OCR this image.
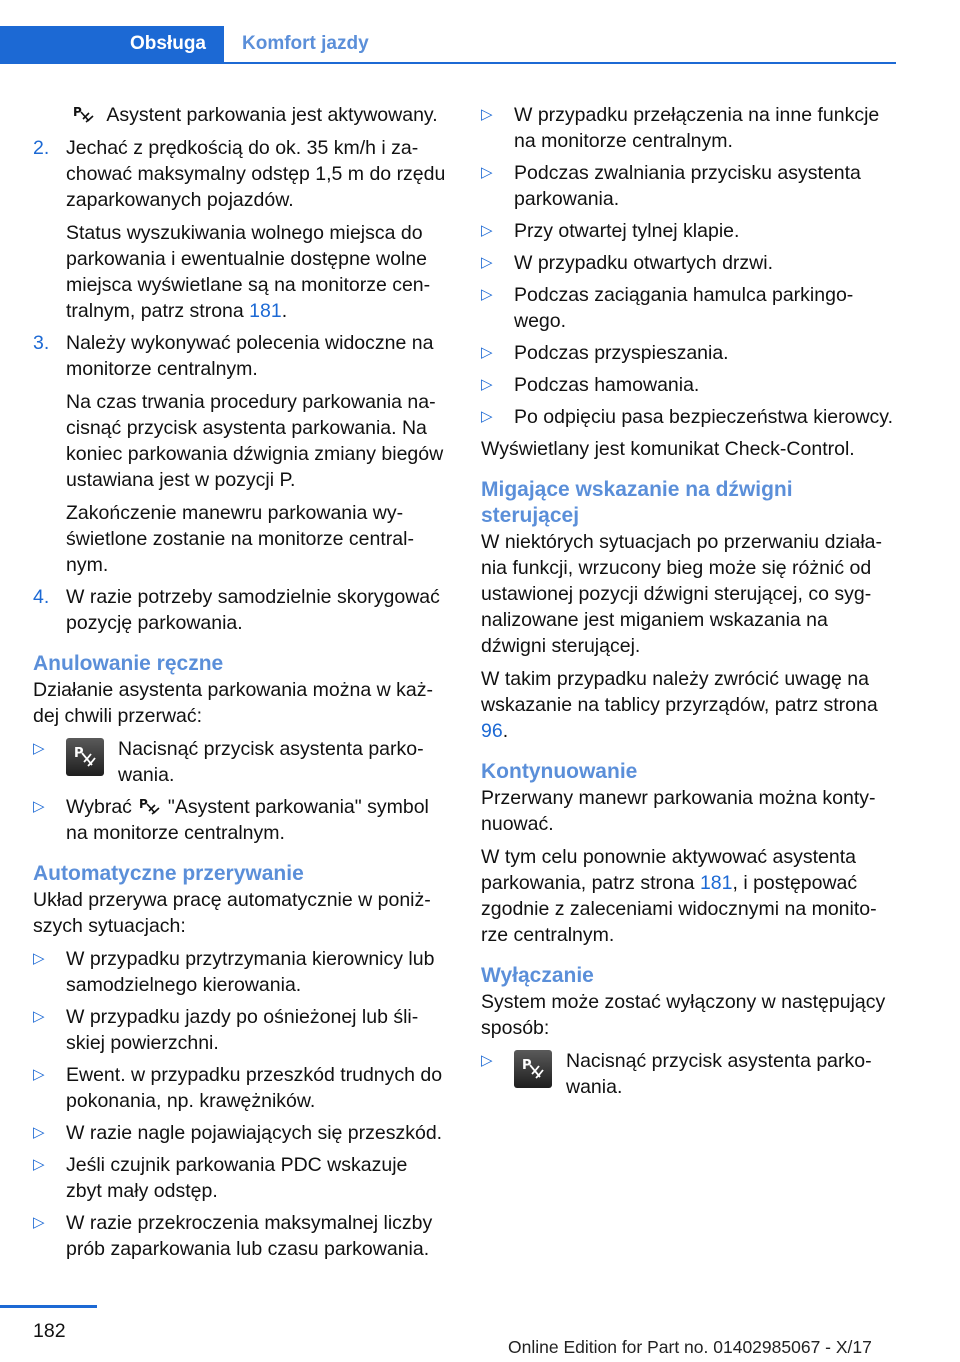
Obsługa	Komfort jazdy

P Asystent parkowania jest aktywowany.

2. Jechać z prędkością do ok. 35 km/h i zachować maksymalny odstęp 1,5 m do rzędu zaparkowanych pojazdów.
Status wyszukiwania wolnego miejsca do parkowania i ewentualnie dostępne wolne miejsca wyświetlane są na monitorze centralnym, patrz strona 181.
3. Należy wykonywać polecenia widoczne na monitorze centralnym.
Na czas trwania procedury parkowania nacisnąć przycisk asystenta parkowania. Na koniec parkowania dźwignia zmiany biegów ustawiana jest w pozycji P.
Zakończenie manewru parkowania wyświetlone zostanie na monitorze centralnym.
4. W razie potrzeby samodzielnie skorygować pozycję parkowania.
Anulowanie ręczne

Działanie asystenta parkowania można w każdej chwili przerwać:

▷ P Nacisnąć przycisk asystenta parkowania.
▷ Wybrać P "Asystent parkowania" symbol na monitorze centralnym.
Automatyczne przerywanie

Układ przerywa pracę automatycznie w poniższych sytuacjach:

▷ W przypadku przytrzymania kierownicy lub samodzielnego kierowania.
▷ W przypadku jazdy po ośnieżonej lub śliskiej powierzchni.
▷ Ewent. w przypadku przeszkód trudnych do pokonania, np. krawężników.
▷ W razie nagle pojawiających się przeszkód.
▷ Jeśli czujnik parkowania PDC wskazuje zbyt mały odstęp.
▷ W razie przekroczenia maksymalnej liczby prób zaparkowania lub czasu parkowania.
▷ W przypadku przełączenia na inne funkcje na monitorze centralnym.
▷ Podczas zwalniania przycisku asystenta parkowania.
▷ Przy otwartej tylnej klapie.
▷ W przypadku otwartych drzwi.
▷ Podczas zaciągania hamulca parkingowego.
▷ Podczas przyspieszania.
▷ Podczas hamowania.
▷ Po odpięciu pasa bezpieczeństwa kierowcy.

Wyświetlany jest komunikat Check-Control.

Migające wskazanie na dźwigni sterującej

W niektórych sytuacjach po przerwaniu działania funkcji, wrzucony bieg może się różnić od ustawionej pozycji dźwigni sterującej, co sygnalizowane jest miganiem wskazania na dźwigni sterującej.

W takim przypadku należy zwrócić uwagę na wskazanie na tablicy przyrządów, patrz strona 96.

Kontynuowanie

Przerwany manewr parkowania można kontynuować.

W tym celu ponownie aktywować asystenta parkowania, patrz strona 181, i postępować zgodnie z zaleceniami widocznymi na monitorze centralnym.

Wyłączanie

System może zostać wyłączony w następujący sposób:

▷ P Nacisnąć przycisk asystenta parkowania.
182
Online Edition for Part no. 01402985067 - X/17
